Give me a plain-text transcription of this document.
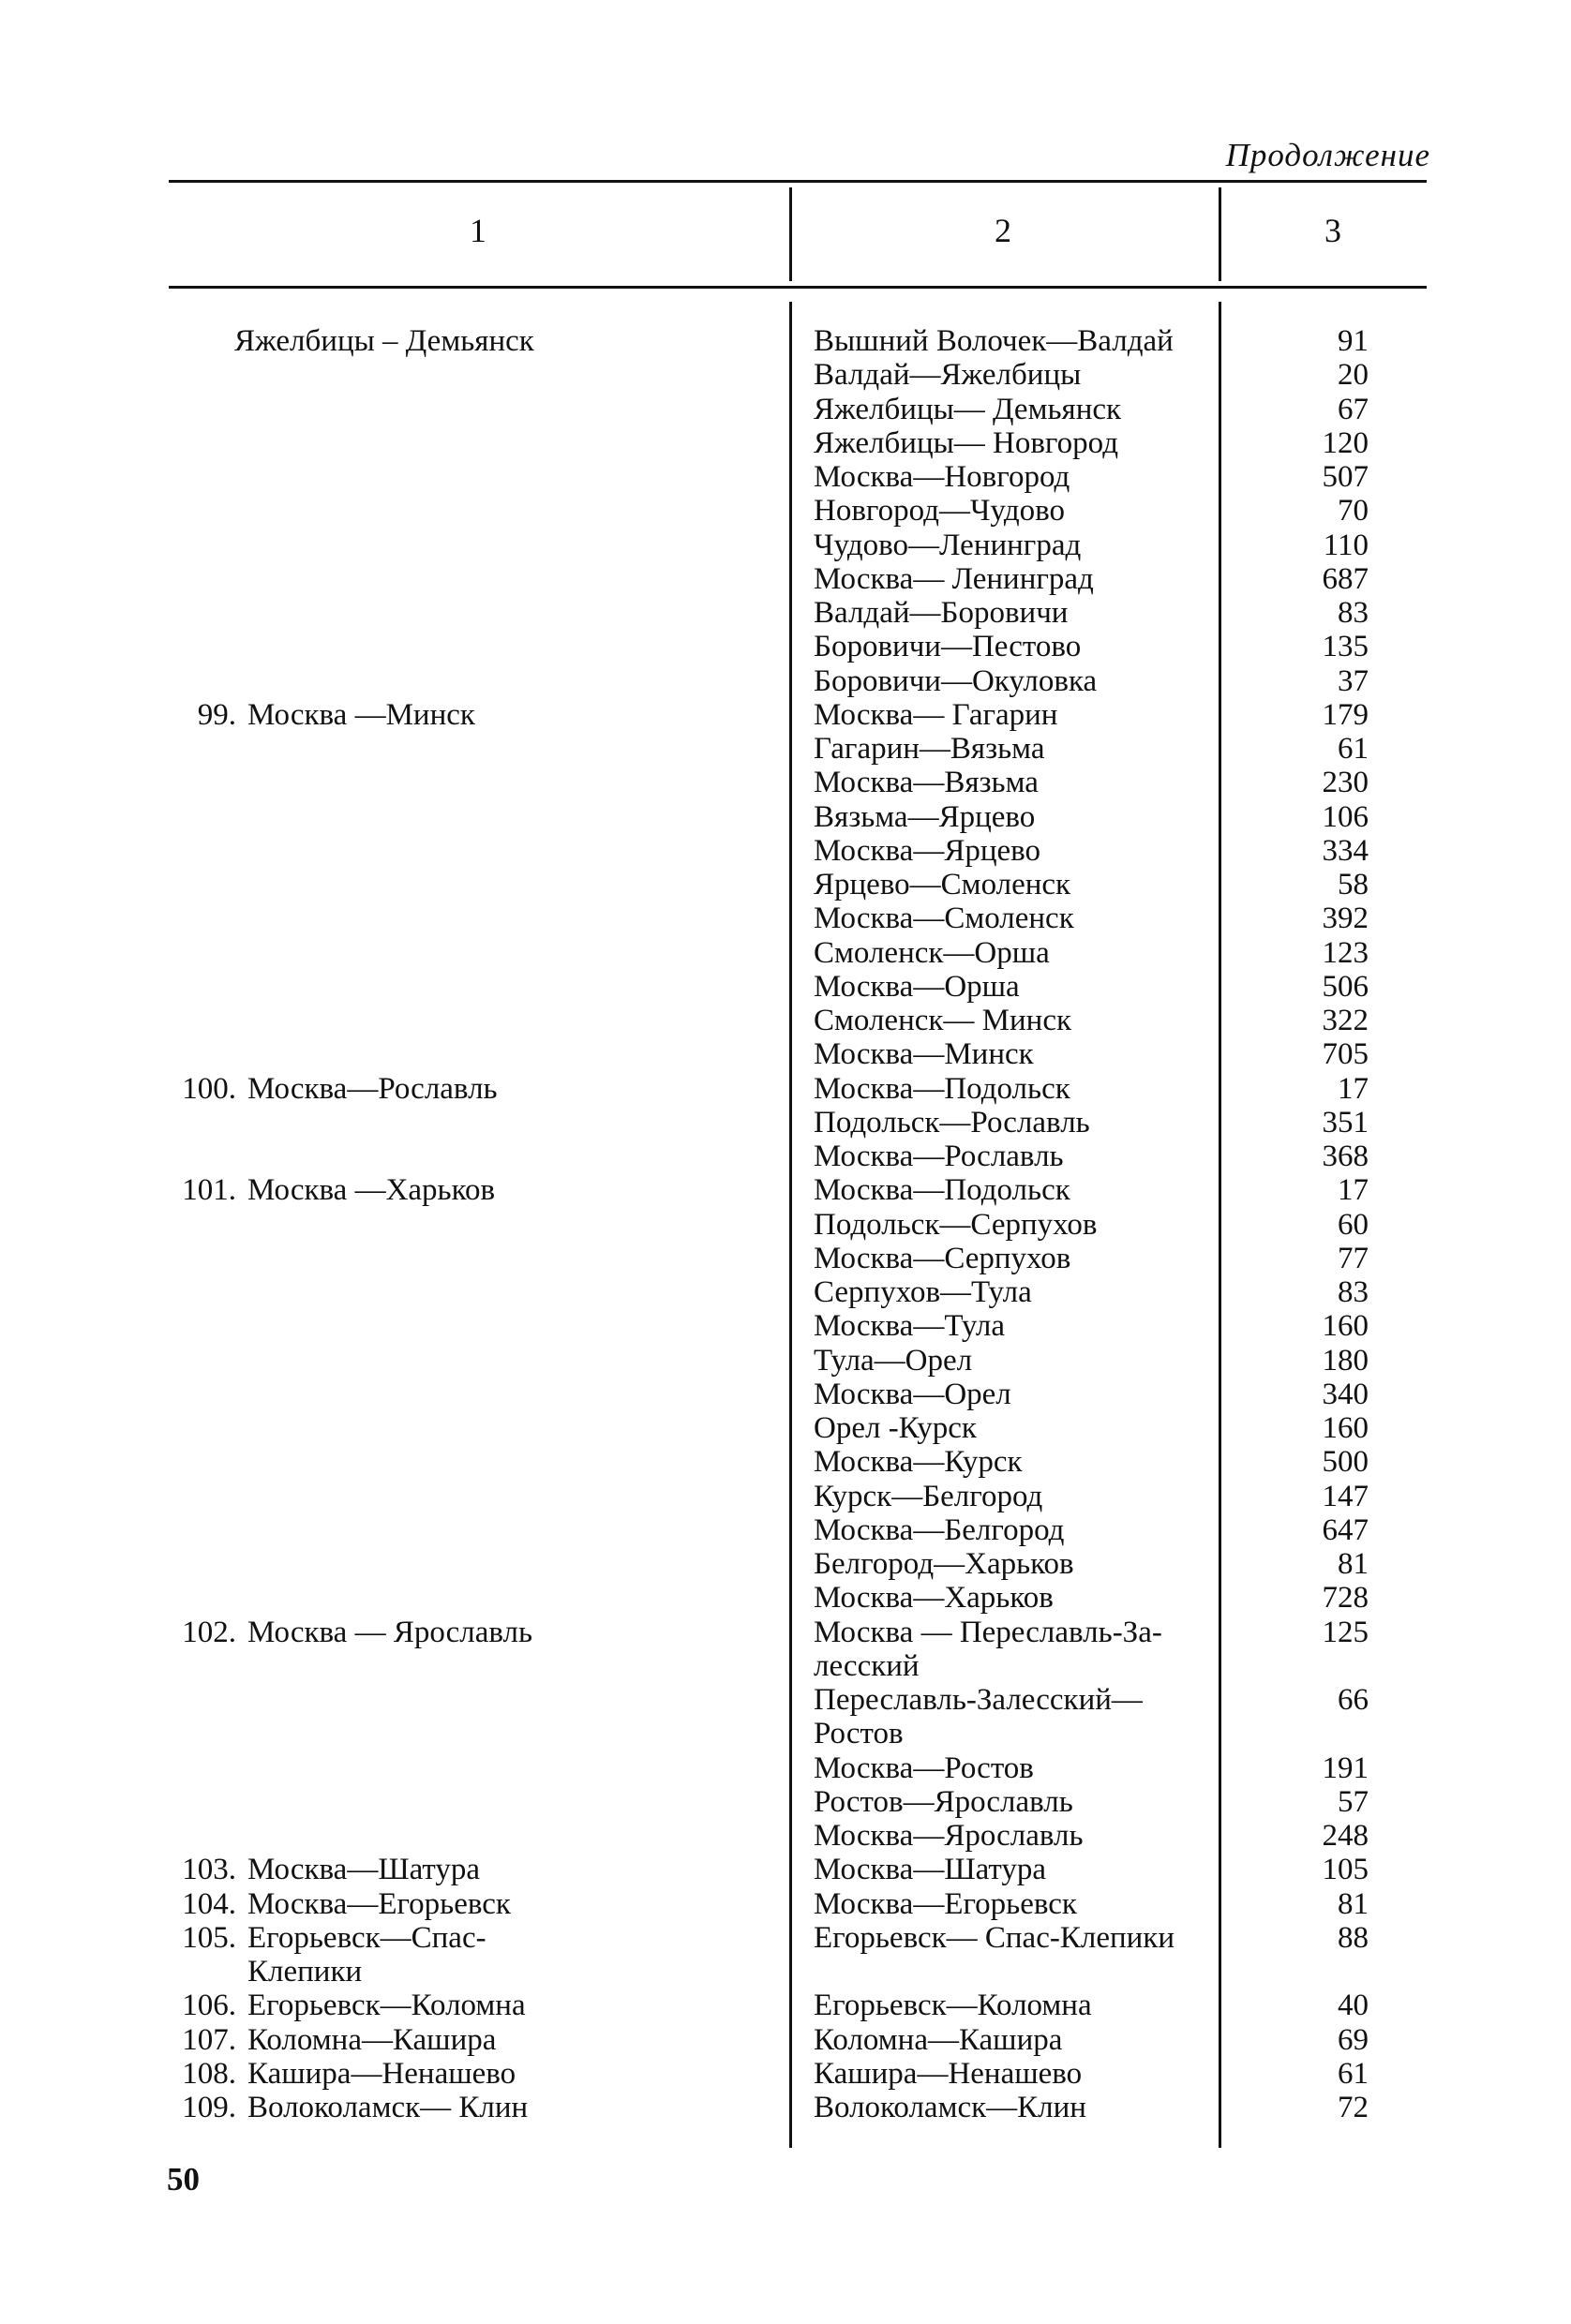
Продолжение
1	2	3
Яжелбицы – Демьянск	Вышний Волочек—Валдай	91
Валдай—Яжелбицы	20
Яжелбицы— Демьянск	67
Яжелбицы— Новгород	120
Москва—Новгород	507
Новгород—Чудово	70
Чудово—Ленинград	110
Москва— Ленинград	687
Валдай—Боровичи	83
Боровичи—Пестово	135
Боровичи—Окуловка	37
99. Москва —Минск	Москва— Гагарин	179
Гагарин—Вязьма	61
Москва—Вязьма	230
Вязьма—Ярцево	106
Москва—Ярцево	334
Ярцево—Смоленск	58
Москва—Смоленск	392
Смоленск—Орша	123
Москва—Орша	506
Смоленск— Минск	322
Москва—Минск	705
100. Москва—Рославль	Москва—Подольск	17
Подольск—Рославль	351
Москва—Рославль	368
101. Москва —Харьков	Москва—Подольск	17
Подольск—Серпухов	60
Москва—Серпухов	77
Серпухов—Тула	83
Москва—Тула	160
Тула—Орел	180
Москва—Орел	340
Орел -Курск	160
Москва—Курск	500
Курск—Белгород	147
Москва—Белгород	647
Белгород—Харьков	81
Москва—Харьков	728
102. Москва — Ярославль	Москва — Переславль-За-	125
лесский
Переславль-Залесский—	66
Ростов
Москва—Ростов	191
Ростов—Ярославль	57
Москва—Ярославль	248
103. Москва—Шатура	Москва—Шатура	105
104. Москва—Егорьевск	Москва—Егорьевск	81
105. Егорьевск—Спас-	Егорьевск— Спас-Клепики	88
Клепики
106. Егорьевск—Коломна	Егорьевск—Коломна	40
107. Коломна—Кашира	Коломна—Кашира	69
108. Кашира—Ненашево	Кашира—Ненашево	61
109. Волоколамск— Клин	Волоколамск—Клин	72
50
